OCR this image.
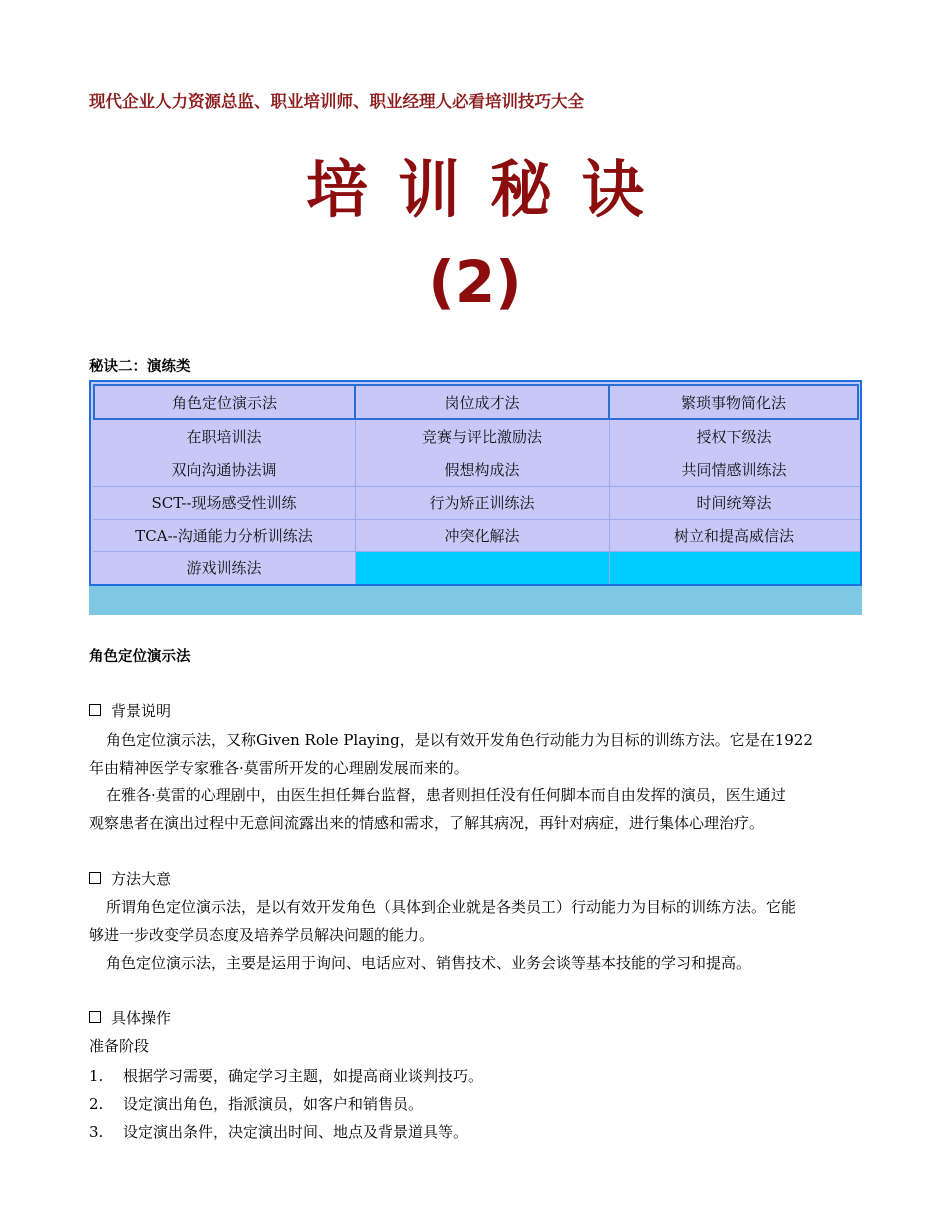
现代企业人力资源总监、职业培训师、职业经理人必看培训技巧大全
培训秘诀
(2)
秘诀二：演练类
角色定位演示法	岗位成才法	繁琐事物简化法
在职培训法	竞赛与评比激励法	授权下级法
双向沟通协法调	假想构成法	共同情感训练法
SCT--现场感受性训练	行为矫正训练法	时间统筹法
TCA--沟通能力分析训练法	冲突化解法	树立和提高威信法
游戏训练法
角色定位演示法
背景说明
角色定位演示法，又称Given Role Playing，是以有效开发角色行动能力为目标的训练方法。它是在1922
年由精神医学专家雅各·莫雷所开发的心理剧发展而来的。
在雅各·莫雷的心理剧中，由医生担任舞台监督，患者则担任没有任何脚本而自由发挥的演员，医生通过
观察患者在演出过程中无意间流露出来的情感和需求，了解其病况，再针对病症，进行集体心理治疗。
方法大意
所谓角色定位演示法，是以有效开发角色（具体到企业就是各类员工）行动能力为目标的训练方法。它能
够进一步改变学员态度及培养学员解决问题的能力。
角色定位演示法，主要是运用于询问、电话应对、销售技术、业务会谈等基本技能的学习和提高。
具体操作
准备阶段
1. 根据学习需要，确定学习主题，如提高商业谈判技巧。
2. 设定演出角色，指派演员，如客户和销售员。
3. 设定演出条件，决定演出时间、地点及背景道具等。
